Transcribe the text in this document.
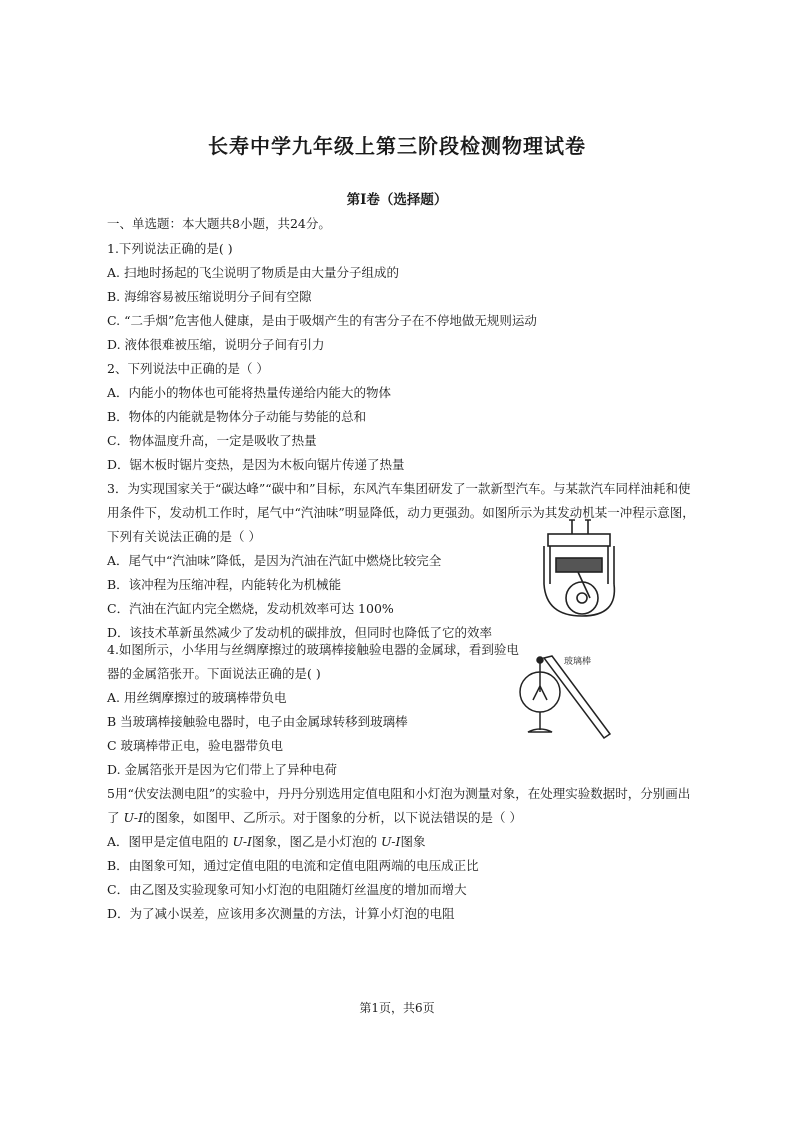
长寿中学九年级上第三阶段检测物理试卷
第Ⅰ卷（选择题）
一、单选题：本大题共8小题，共24分。
1.下列说法正确的是( )
A. 扫地时扬起的飞尘说明了物质是由大量分子组成的
B. 海绵容易被压缩说明分子间有空隙
C. “二手烟”危害他人健康，是由于吸烟产生的有害分子在不停地做无规则运动
D. 液体很难被压缩，说明分子间有引力
2、下列说法中正确的是（ ）
A．内能小的物体也可能将热量传递给内能大的物体
B．物体的内能就是物体分子动能与势能的总和
C．物体温度升高，一定是吸收了热量
D．锯木板时锯片变热，是因为木板向锯片传递了热量
3．为实现国家关于“碳达峰”“碳中和”目标，东风汽车集团研发了一款新型汽车。与某款汽车同样油耗和使
用条件下，发动机工作时，尾气中“汽油味”明显降低，动力更强劲。如图所示为其发动机某一冲程示意图，
下列有关说法正确的是（ ）
A．尾气中“汽油味”降低，是因为汽油在汽缸中燃烧比较完全
B．该冲程为压缩冲程，内能转化为机械能
C．汽油在汽缸内完全燃烧，发动机效率可达 100%
D．该技术革新虽然减少了发动机的碳排放，但同时也降低了它的效率
4.如图所示，小华用与丝绸摩擦过的玻璃棒接触验电器的金属球，看到验电
器的金属箔张开。下面说法正确的是( )
A. 用丝绸摩擦过的玻璃棒带负电
B 当玻璃棒接触验电器时，电子由金属球转移到玻璃棒
C 玻璃棒带正电，验电器带负电
D. 金属箔张开是因为它们带上了异种电荷
玻璃棒
5用“伏安法测电阻”的实验中，丹丹分别选用定值电阻和小灯泡为测量对象，在处理实验数据时，分别画出
了 U-I的图象，如图甲、乙所示。对于图象的分析，以下说法错误的是（ ）
A．图甲是定值电阻的 U-I图象，图乙是小灯泡的 U-I图象
B．由图象可知，通过定值电阻的电流和定值电阻两端的电压成正比
C．由乙图及实验现象可知小灯泡的电阻随灯丝温度的增加而增大
D．为了减小误差，应该用多次测量的方法，计算小灯泡的电阻
第1页，共6页
